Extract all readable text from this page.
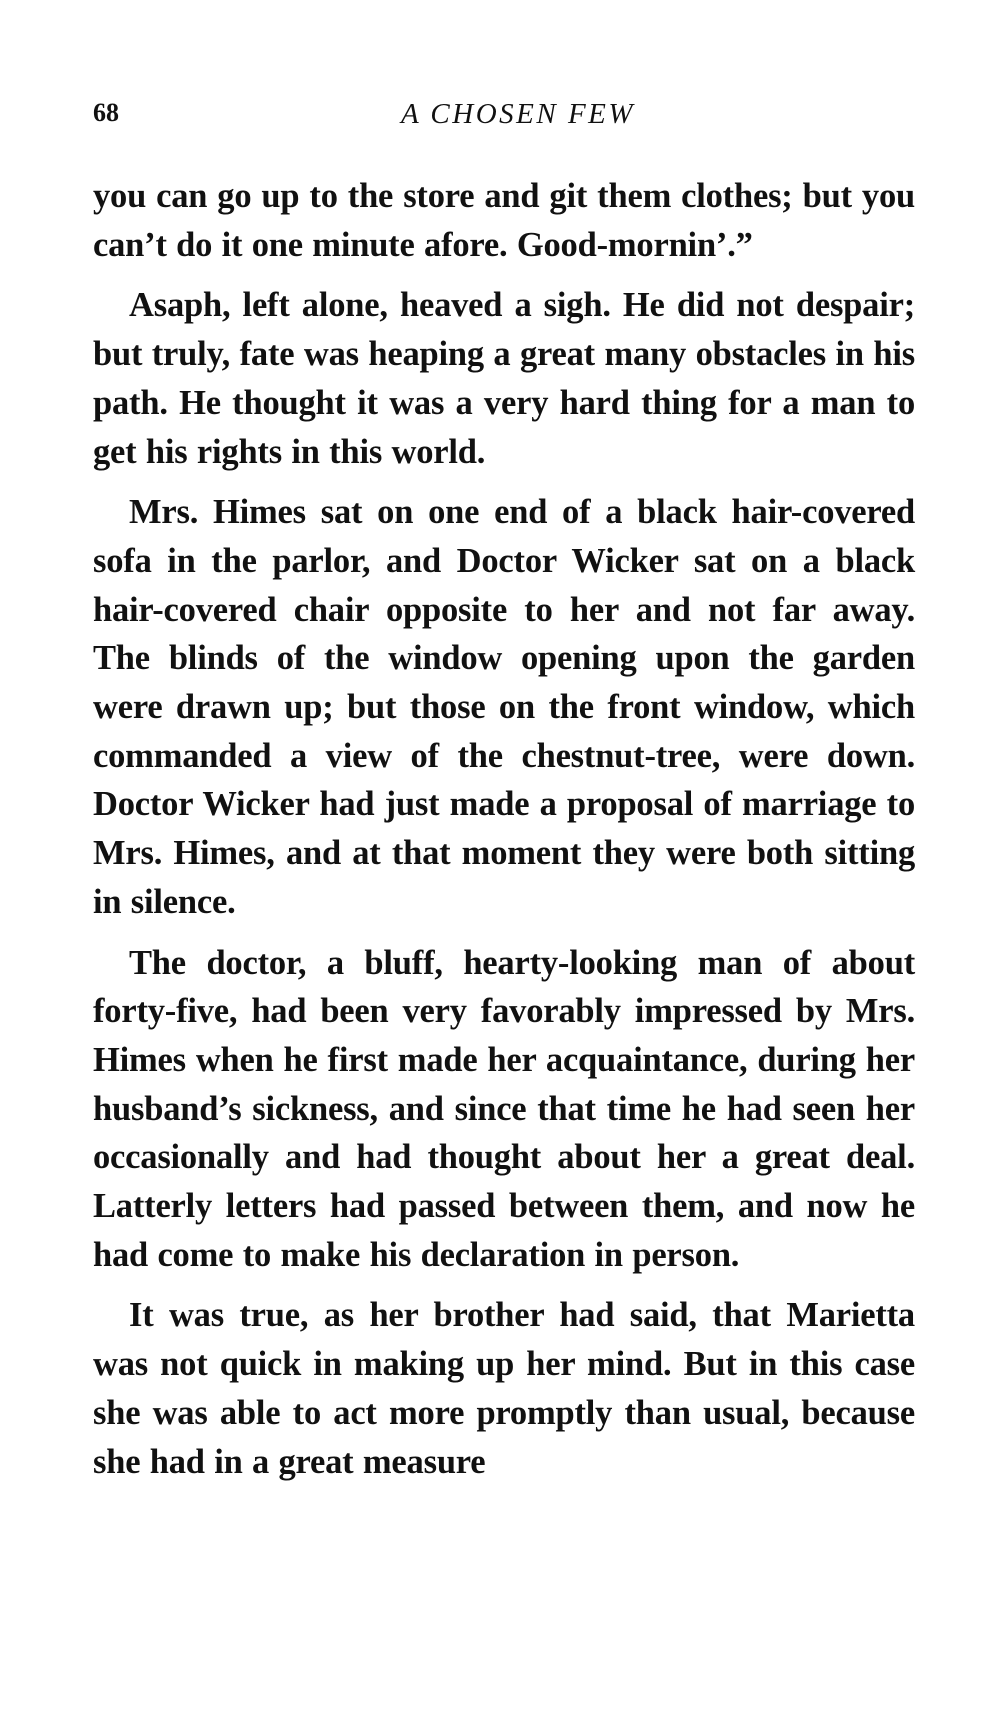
68	A CHOSEN FEW

you can go up to the store and git them clothes; but you can’t do it one minute afore. Good-mornin’.”

Asaph, left alone, heaved a sigh. He did not despair; but truly, fate was heaping a great many obstacles in his path. He thought it was a very hard thing for a man to get his rights in this world.

Mrs. Himes sat on one end of a black hair-covered sofa in the parlor, and Doctor Wicker sat on a black hair-covered chair opposite to her and not far away. The blinds of the window opening upon the garden were drawn up; but those on the front window, which commanded a view of the chestnut-tree, were down. Doctor Wicker had just made a proposal of marriage to Mrs. Himes, and at that moment they were both sitting in silence.

The doctor, a bluff, hearty-looking man of about forty-five, had been very favorably impressed by Mrs. Himes when he first made her acquaintance, during her husband’s sickness, and since that time he had seen her occasionally and had thought about her a great deal. Latterly letters had passed between them, and now he had come to make his declaration in person.

It was true, as her brother had said, that Marietta was not quick in making up her mind. But in this case she was able to act more promptly than usual, because she had in a great measure
